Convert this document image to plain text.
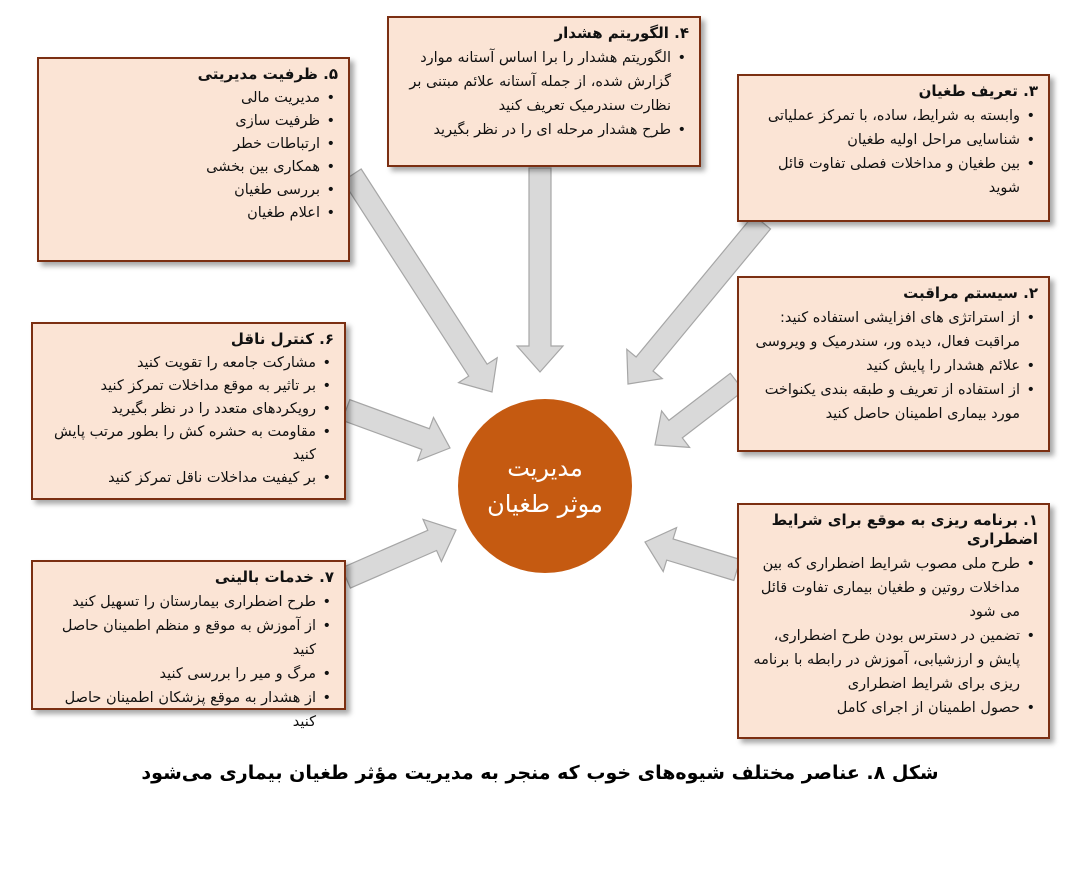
۱. برنامه ریزی به موقع برای شرایط اضطراری
• طرح ملی مصوب شرایط اضطراری که بین مداخلات روتین و طغیان بیماری تفاوت قائل می شود
• تضمین در دسترس بودن طرح اضطراری، پایش و ارزشیابی، آموزش در رابطه با برنامه ریزی برای شرایط اضطراری
• حصول اطمینان از اجرای کامل
۲. سیستم مراقبت
• از استراتژی های افزایشی استفاده کنید: مراقبت فعال، دیده ور، سندرمیک و ویروسی
• علائم هشدار را پایش کنید
• از استفاده از تعریف و طبقه بندی یکنواخت مورد بیماری اطمینان حاصل کنید
۳. تعریف طغیان
• وابسته به شرایط، ساده، با تمرکز عملیاتی
• شناسایی مراحل اولیه طغیان
• بین طغیان و مداخلات فصلی تفاوت قائل شوید
۴. الگوریتم هشدار
• الگوریتم هشدار را برا اساس آستانه موارد گزارش شده، از جمله آستانه علائم مبتنی بر نظارت سندرمیک تعریف کنید
• طرح هشدار مرحله ای را در نظر بگیرید
۵. ظرفیت مدیریتی
• مدیریت مالی
• ظرفیت سازی
• ارتباطات خطر
• همکاری بین بخشی
• بررسی طغیان
• اعلام طغیان
۶. کنترل ناقل
• مشارکت جامعه را تقویت کنید
• بر تاثیر به موقع مداخلات تمرکز کنید
• رویکردهای متعدد را در نظر بگیرید
• مقاومت به حشره کش را بطور مرتب پایش کنید
• بر کیفیت مداخلات ناقل تمرکز کنید
۷. خدمات بالینی
• طرح اضطراری بیمارستان را تسهیل کنید
• از آموزش به موقع و منظم اطمینان حاصل کنید
• مرگ و میر را بررسی کنید
• از هشدار به موقع پزشکان اطمینان حاصل کنید
مدیریت
موثر طغیان
شکل ۸. عناصر مختلف شیوه‌های خوب که منجر به مدیریت مؤثر طغیان بیماری می‌شود
